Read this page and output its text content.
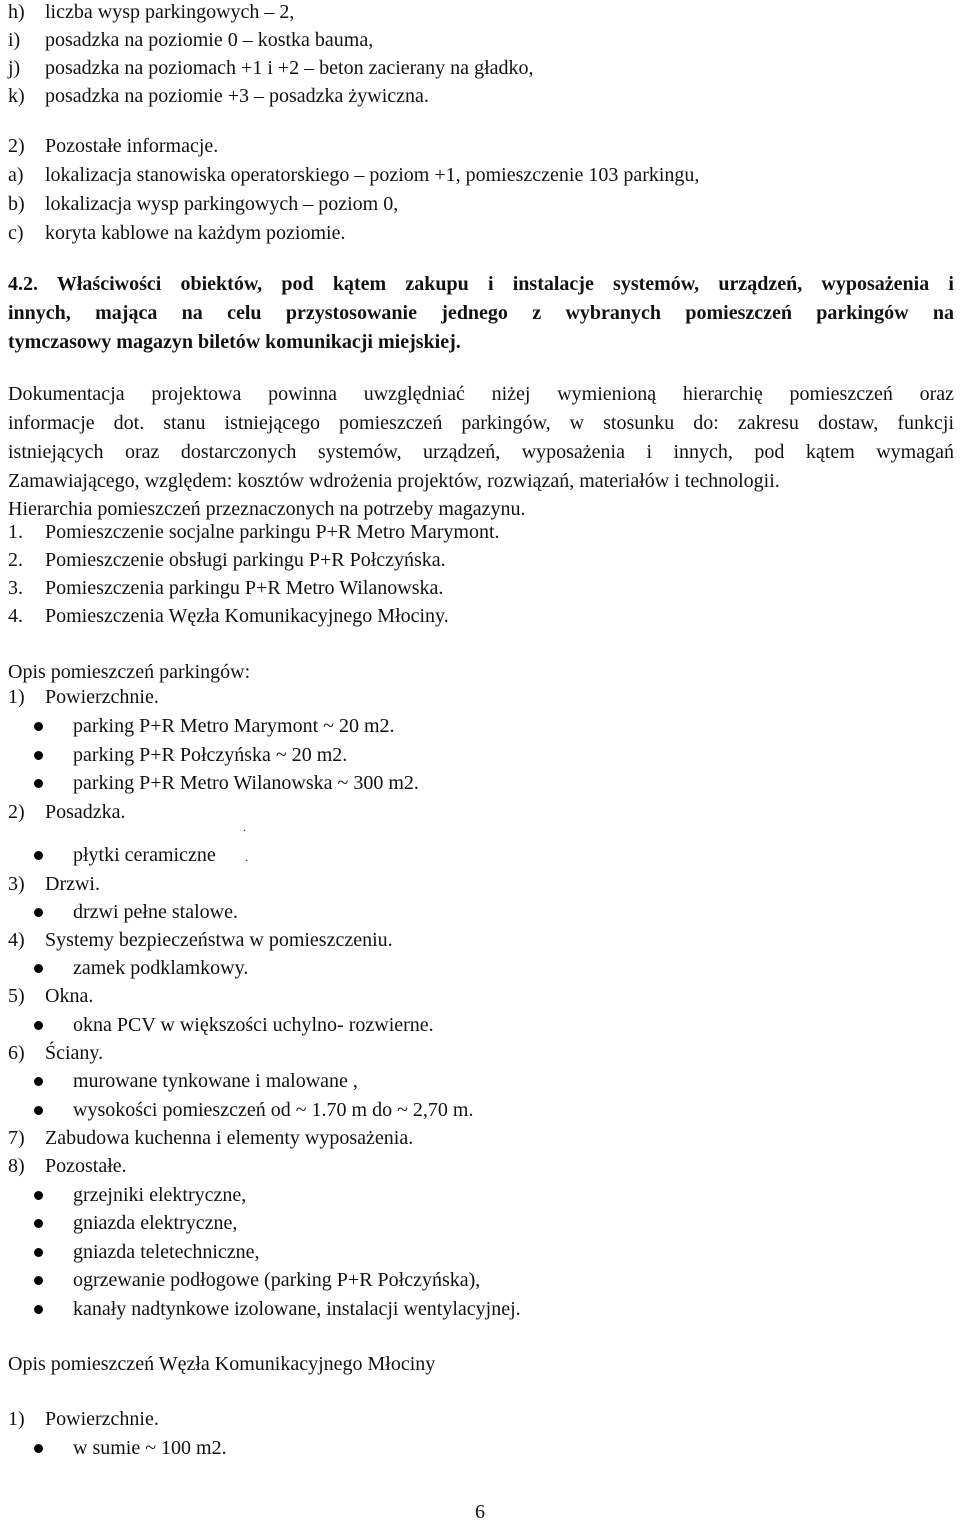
h) liczba wysp parkingowych – 2,
i) posadzka na poziomie 0 – kostka bauma,
j) posadzka na poziomach +1 i +2 – beton zacierany na gładko,
k) posadzka na poziomie +3 – posadzka żywiczna.
2) Pozostałe informacje.
a) lokalizacja stanowiska operatorskiego – poziom +1, pomieszczenie 103 parkingu,
b) lokalizacja wysp parkingowych – poziom 0,
c) koryta kablowe na każdym poziomie.
4.2. Właściwości obiektów, pod kątem zakupu i instalacje systemów, urządzeń, wyposażenia i
innych, mająca na celu przystosowanie jednego z wybranych pomieszczeń parkingów na
tymczasowy magazyn biletów komunikacji miejskiej.
Dokumentacja projektowa powinna uwzględniać niżej wymienioną hierarchię pomieszczeń oraz
informacje dot. stanu istniejącego pomieszczeń parkingów, w stosunku do: zakresu dostaw, funkcji
istniejących oraz dostarczonych systemów, urządzeń, wyposażenia i innych, pod kątem wymagań
Zamawiającego, względem: kosztów wdrożenia projektów, rozwiązań, materiałów i technologii.
Hierarchia pomieszczeń przeznaczonych na potrzeby magazynu.
1. Pomieszczenie socjalne parkingu P+R Metro Marymont.
2. Pomieszczenie obsługi parkingu P+R Połczyńska.
3. Pomieszczenia parkingu P+R Metro Wilanowska.
4. Pomieszczenia Węzła Komunikacyjnego Młociny.
Opis pomieszczeń parkingów:
1) Powierzchnie.
parking P+R Metro Marymont ~ 20 m2.
parking P+R Połczyńska ~ 20 m2.
parking P+R Metro Wilanowska ~ 300 m2.
2) Posadzka.
.
płytki ceramiczne .
3) Drzwi.
drzwi pełne stalowe.
4) Systemy bezpieczeństwa w pomieszczeniu.
zamek podklamkowy.
5) Okna.
okna PCV w większości uchylno- rozwierne.
6) Ściany.
murowane tynkowane i malowane ,
wysokości pomieszczeń od ~ 1.70 m do ~ 2,70 m.
7) Zabudowa kuchenna i elementy wyposażenia.
8) Pozostałe.
grzejniki elektryczne,
gniazda elektryczne,
gniazda teletechniczne,
ogrzewanie podłogowe (parking P+R Połczyńska),
kanały nadtynkowe izolowane, instalacji wentylacyjnej.
Opis pomieszczeń Węzła Komunikacyjnego Młociny
1) Powierzchnie.
w sumie ~ 100 m2.
6
